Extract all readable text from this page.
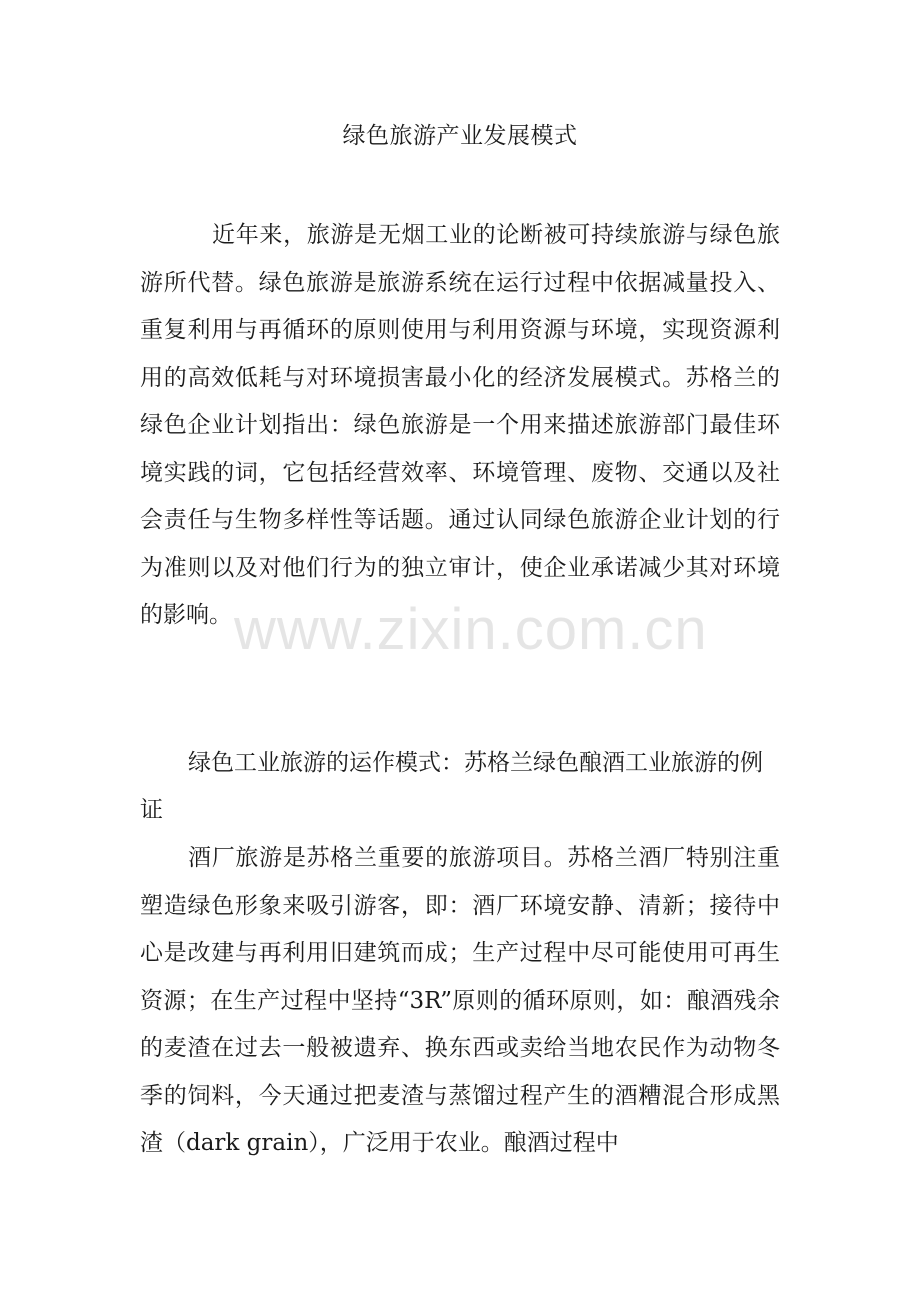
绿色旅游产业发展模式

近年来，旅游是无烟工业的论断被可持续旅游与绿色旅游所代替。绿色旅游是旅游系统在运行过程中依据减量投入、重复利用与再循环的原则使用与利用资源与环境，实现资源利用的高效低耗与对环境损害最小化的经济发展模式。苏格兰的绿色企业计划指出：绿色旅游是一个用来描述旅游部门最佳环境实践的词，它包括经营效率、环境管理、废物、交通以及社会责任与生物多样性等话题。通过认同绿色旅游企业计划的行为准则以及对他们行为的独立审计，使企业承诺减少其对环境的影响。

绿色工业旅游的运作模式：苏格兰绿色酿酒工业旅游的例证

酒厂旅游是苏格兰重要的旅游项目。苏格兰酒厂特别注重塑造绿色形象来吸引游客，即：酒厂环境安静、清新；接待中心是改建与再利用旧建筑而成；生产过程中尽可能使用可再生资源；在生产过程中坚持“3R”原则的循环原则，如：酿酒残余的麦渣在过去一般被遗弃、换东西或卖给当地农民作为动物冬季的饲料，今天通过把麦渣与蒸馏过程产生的酒糟混合形成黑渣（dark grain），广泛用于农业。酿酒过程中

www.zixin.com.cn
